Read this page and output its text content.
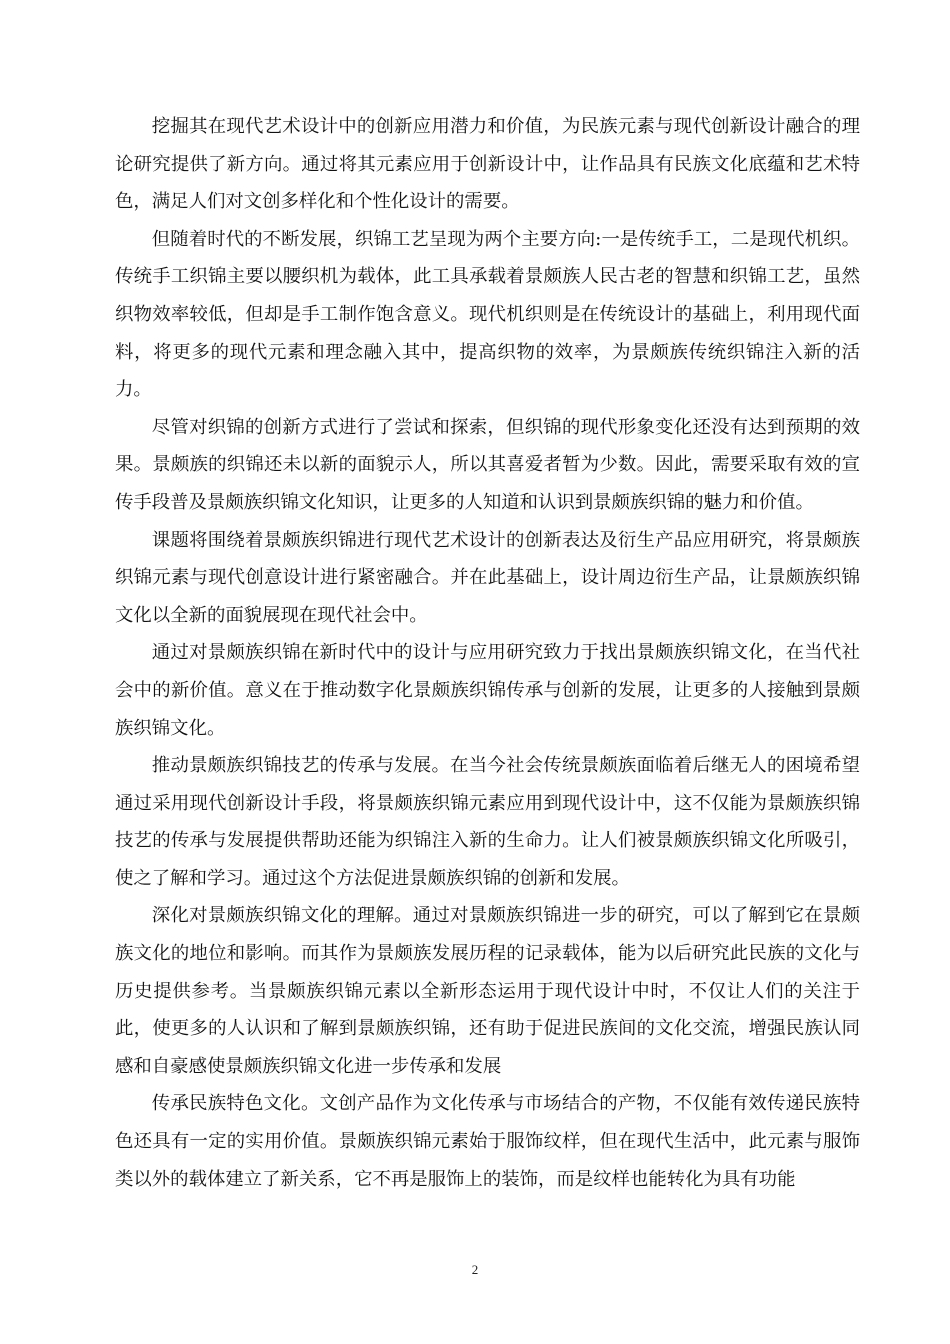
挖掘其在现代艺术设计中的创新应用潜力和价值，为民族元素与现代创新设计融合的理论研究提供了新方向。通过将其元素应用于创新设计中，让作品具有民族文化底蕴和艺术特色，满足人们对文创多样化和个性化设计的需要。

但随着时代的不断发展，织锦工艺呈现为两个主要方向:一是传统手工，二是现代机织。传统手工织锦主要以腰织机为载体，此工具承载着景颇族人民古老的智慧和织锦工艺，虽然织物效率较低，但却是手工制作饱含意义。现代机织则是在传统设计的基础上，利用现代面料，将更多的现代元素和理念融入其中，提高织物的效率，为景颇族传统织锦注入新的活力。

尽管对织锦的创新方式进行了尝试和探索，但织锦的现代形象变化还没有达到预期的效果。景颇族的织锦还未以新的面貌示人，所以其喜爱者暂为少数。因此，需要采取有效的宣传手段普及景颇族织锦文化知识，让更多的人知道和认识到景颇族织锦的魅力和价值。

课题将围绕着景颇族织锦进行现代艺术设计的创新表达及衍生产品应用研究，将景颇族织锦元素与现代创意设计进行紧密融合。并在此基础上，设计周边衍生产品，让景颇族织锦文化以全新的面貌展现在现代社会中。

通过对景颇族织锦在新时代中的设计与应用研究致力于找出景颇族织锦文化，在当代社会中的新价值。意义在于推动数字化景颇族织锦传承与创新的发展，让更多的人接触到景颇族织锦文化。

推动景颇族织锦技艺的传承与发展。在当今社会传统景颇族面临着后继无人的困境希望通过采用现代创新设计手段，将景颇族织锦元素应用到现代设计中，这不仅能为景颇族织锦技艺的传承与发展提供帮助还能为织锦注入新的生命力。让人们被景颇族织锦文化所吸引，使之了解和学习。通过这个方法促进景颇族织锦的创新和发展。

深化对景颇族织锦文化的理解。通过对景颇族织锦进一步的研究，可以了解到它在景颇族文化的地位和影响。而其作为景颇族发展历程的记录载体，能为以后研究此民族的文化与历史提供参考。当景颇族织锦元素以全新形态运用于现代设计中时，不仅让人们的关注于此，使更多的人认识和了解到景颇族织锦，还有助于促进民族间的文化交流，增强民族认同感和自豪感使景颇族织锦文化进一步传承和发展

传承民族特色文化。文创产品作为文化传承与市场结合的产物，不仅能有效传递民族特色还具有一定的实用价值。景颇族织锦元素始于服饰纹样，但在现代生活中，此元素与服饰类以外的载体建立了新关系，它不再是服饰上的装饰，而是纹样也能转化为具有功能

2
